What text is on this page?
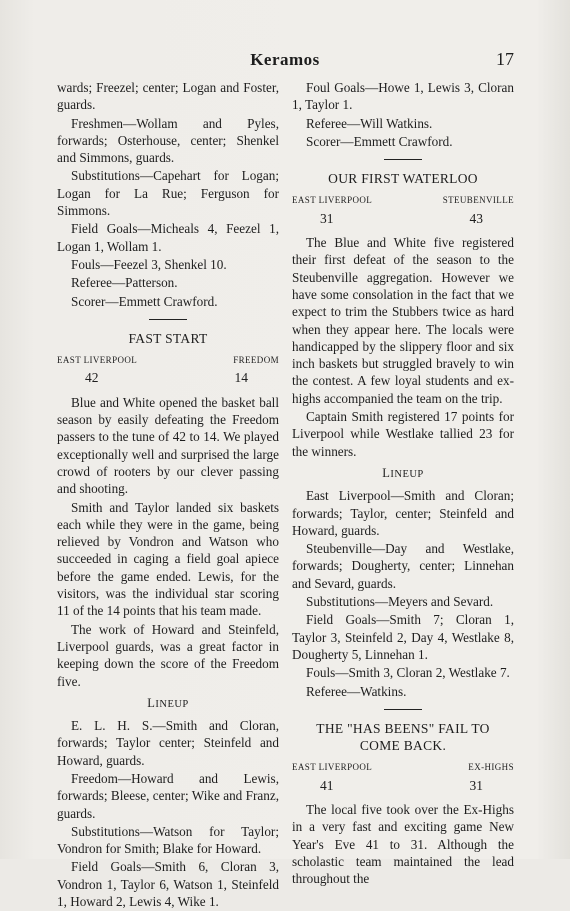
Keramos	17

wards; Freezel; center; Logan and Foster, guards.

Freshmen—Wollam and Pyles, forwards; Osterhouse, center; Shenkel and Simmons, guards.

Substitutions—Capehart for Logan; Logan for La Rue; Ferguson for Simmons.

Field Goals—Micheals 4, Feezel 1, Logan 1, Wollam 1.

Fouls—Feezel 3, Shenkel 10.

Referee—Patterson.

Scorer—Emmett Crawford.

FAST START

EAST LIVERPOOL	FREEDOM
42	14

Blue and White opened the basket ball season by easily defeating the Freedom passers to the tune of 42 to 14. We played exceptionally well and surprised the large crowd of rooters by our clever passing and shooting.

Smith and Taylor landed six baskets each while they were in the game, being relieved by Vondron and Watson who succeeded in caging a field goal apiece before the game ended. Lewis, for the visitors, was the individual star scoring 11 of the 14 points that his team made.

The work of Howard and Steinfeld, Liverpool guards, was a great factor in keeping down the score of the Freedom five.

LINEUP

E. L. H. S.—Smith and Cloran, forwards; Taylor center; Steinfeld and Howard, guards.

Freedom—Howard and Lewis, forwards; Bleese, center; Wike and Franz, guards.

Substitutions—Watson for Taylor; Vondron for Smith; Blake for Howard.

Field Goals—Smith 6, Cloran 3, Vondron 1, Taylor 6, Watson 1, Steinfeld 1, Howard 2, Lewis 4, Wike 1.

Foul Goals—Howe 1, Lewis 3, Cloran 1, Taylor 1.

Referee—Will Watkins.

Scorer—Emmett Crawford.

OUR FIRST WATERLOO

EAST LIVERPOOL	STEUBENVILLE
31	43

The Blue and White five registered their first defeat of the season to the Steubenville aggregation. However we have some consolation in the fact that we expect to trim the Stubbers twice as hard when they appear here. The locals were handicapped by the slippery floor and six inch baskets but struggled bravely to win the contest. A few loyal students and ex-highs accompanied the team on the trip.

Captain Smith registered 17 points for Liverpool while Westlake tallied 23 for the winners.

LINEUP

East Liverpool—Smith and Cloran; forwards; Taylor, center; Steinfeld and Howard, guards.

Steubenville—Day and Westlake, forwards; Dougherty, center; Linnehan and Sevard, guards.

Substitutions—Meyers and Sevard.

Field Goals—Smith 7; Cloran 1, Taylor 3, Steinfeld 2, Day 4, Westlake 8, Dougherty 5, Linnehan 1.

Fouls—Smith 3, Cloran 2, Westlake 7.

Referee—Watkins.

THE "HAS BEENS" FAIL TO

COME BACK.

EAST LIVERPOOL	EX-HIGHS
41	31

The local five took over the Ex-Highs in a very fast and exciting game New Year's Eve 41 to 31. Although the scholastic team maintained the lead throughout the
